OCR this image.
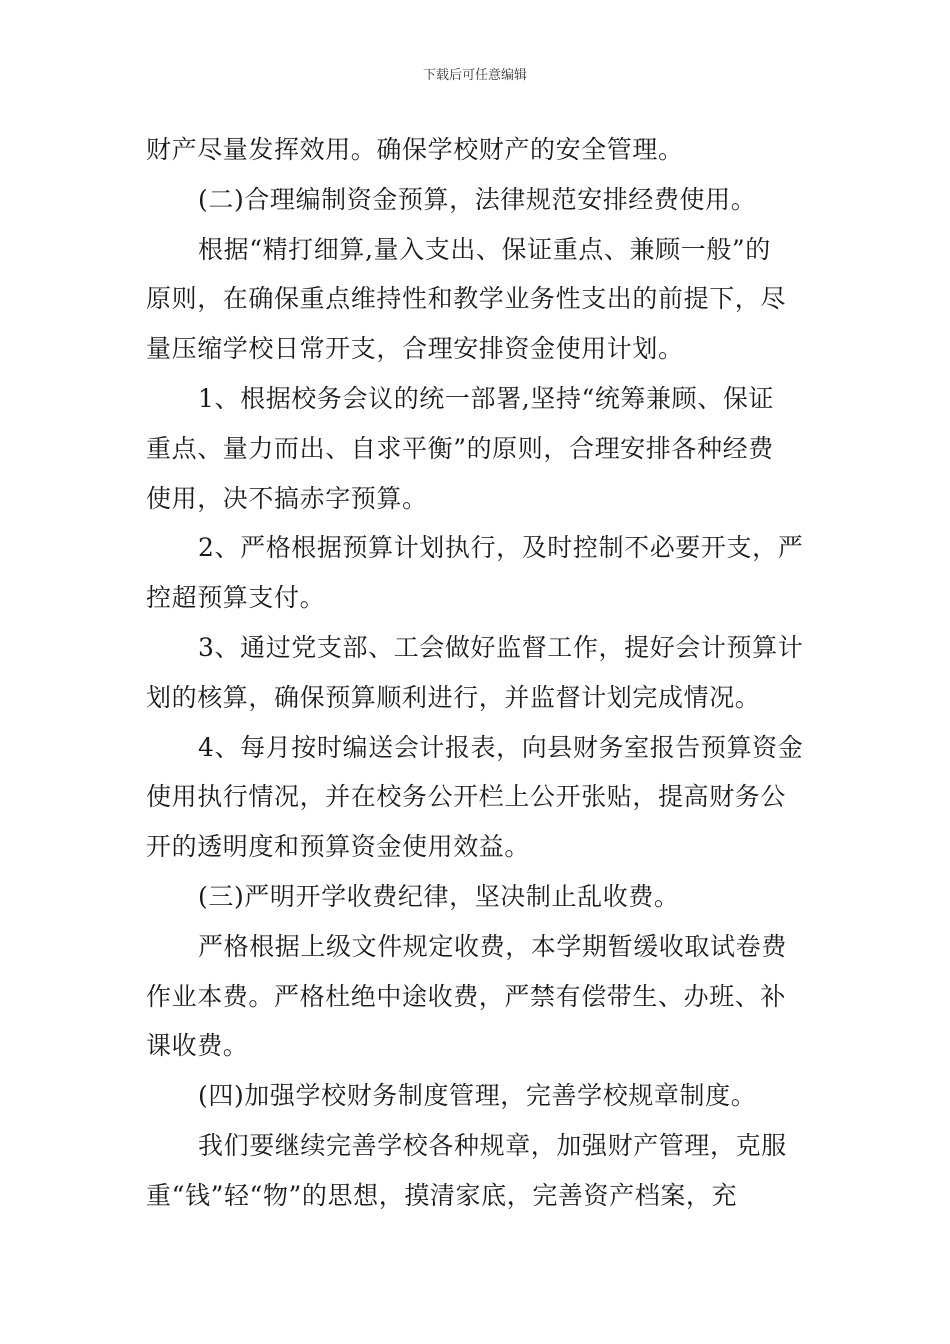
下载后可任意编辑
财产尽量发挥效用。确保学校财产的安全管理。
(二)合理编制资金预算，法律规范安排经费使用。
根据“精打细算,量入支出、保证重点、兼顾一般”的
原则，在确保重点维持性和教学业务性支出的前提下，尽
量压缩学校日常开支，合理安排资金使用计划。
1、根据校务会议的统一部署,坚持“统筹兼顾、保证
重点、量力而出、自求平衡”的原则，合理安排各种经费
使用，决不搞赤字预算。
2、严格根据预算计划执行，及时控制不必要开支，严
控超预算支付。
3、通过党支部、工会做好监督工作，提好会计预算计
划的核算，确保预算顺利进行，并监督计划完成情况。
4、每月按时编送会计报表，向县财务室报告预算资金
使用执行情况，并在校务公开栏上公开张贴，提高财务公
开的透明度和预算资金使用效益。
(三)严明开学收费纪律，坚决制止乱收费。
严格根据上级文件规定收费，本学期暂缓收取试卷费
作业本费。严格杜绝中途收费，严禁有偿带生、办班、补
课收费。
(四)加强学校财务制度管理，完善学校规章制度。
我们要继续完善学校各种规章，加强财产管理，克服
重“钱”轻“物”的思想，摸清家底，完善资产档案，充
